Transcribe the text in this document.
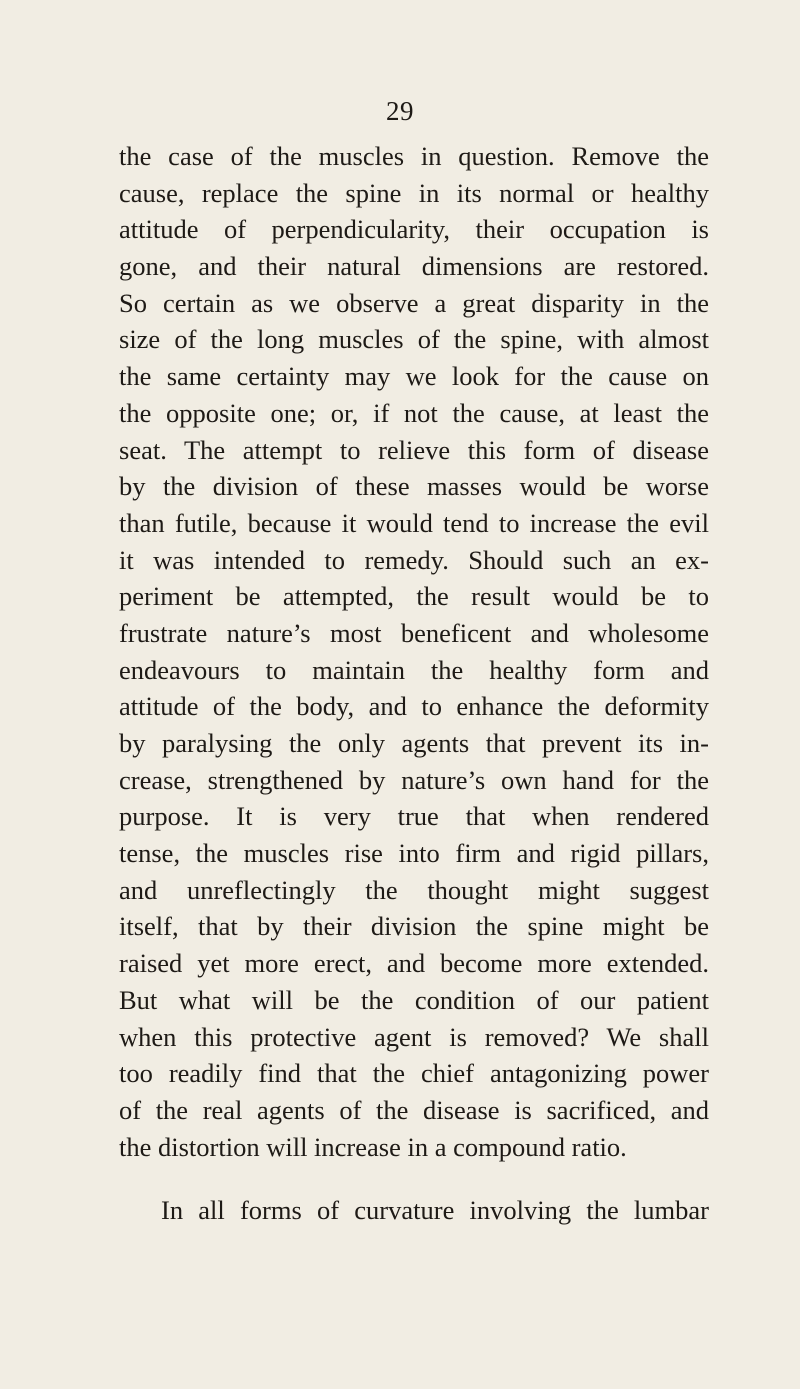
29
the case of the muscles in question. Remove the
cause, replace the spine in its normal or healthy
attitude of perpendicularity, their occupation is
gone, and their natural dimensions are restored.
So certain as we observe a great disparity in the
size of the long muscles of the spine, with almost
the same certainty may we look for the cause on
the opposite one; or, if not the cause, at least the
seat. The attempt to relieve this form of disease
by the division of these masses would be worse
than futile, because it would tend to increase the evil
it was intended to remedy. Should such an ex-
periment be attempted, the result would be to
frustrate nature’s most beneficent and wholesome
endeavours to maintain the healthy form and
attitude of the body, and to enhance the deformity
by paralysing the only agents that prevent its in-
crease, strengthened by nature’s own hand for the
purpose. It is very true that when rendered
tense, the muscles rise into firm and rigid pillars,
and unreflectingly the thought might suggest
itself, that by their division the spine might be
raised yet more erect, and become more extended.
But what will be the condition of our patient
when this protective agent is removed? We shall
too readily find that the chief antagonizing power
of the real agents of the disease is sacrificed, and
the distortion will increase in a compound ratio.
In all forms of curvature involving the lumbar
